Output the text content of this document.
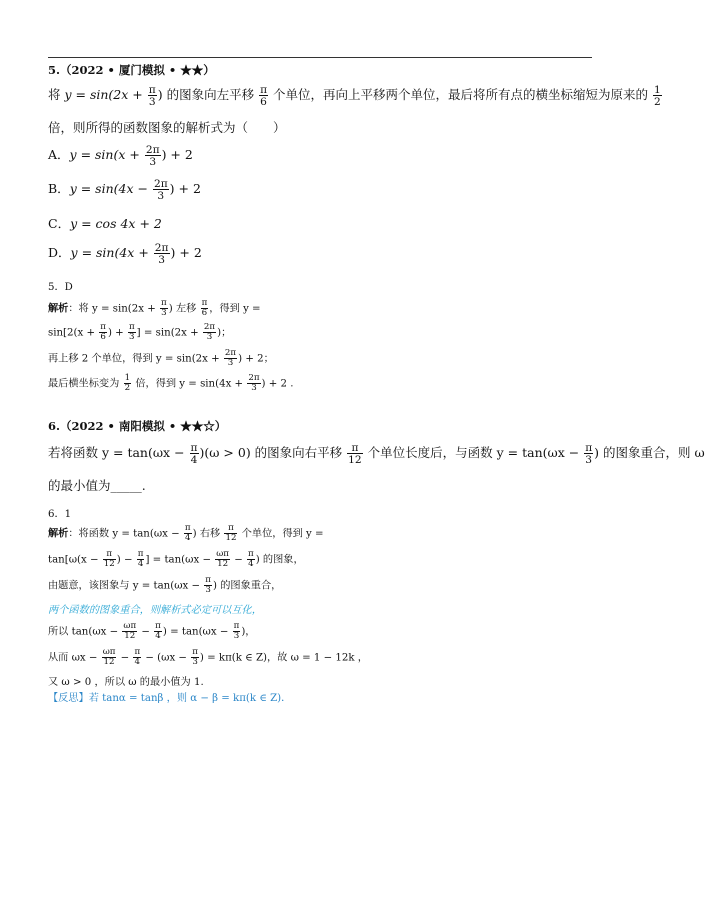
5.（2022 • 厦门模拟 • ★★）
将 $y = \sin(2x + \frac{\pi}{3}$ ) 的图象向左平移 $\frac{\pi}{6}$ 个单位，再向上平移两个单位，最后将所有点的横坐标缩短为原来的 $\frac{1}{2}$
倍，则所得的函数图象的解析式为（　　）
A．$y = \sin(x + \frac{2\pi}{3}$ ) + 2
B．$y = \sin(4x - \frac{2\pi}{3}$ ) + 2
C．y = cos 4x + 2
D．$y = \sin(4x + \frac{2\pi}{3}$ ) + 2
5．D
解析：将 $y = \sin(2x + \frac{\pi}{3}$ ) 左移 $\frac{\pi}{6}$ ，得到 y =
$\sin[2(x + \frac{\pi}{6}$ ) + $\frac{\pi}{3}$ ] = $\sin(2x + \frac{2\pi}{3}$ )；
再上移 2 个单位，得到 $y = \sin(2x + \frac{2\pi}{3}$ ) + 2；
最后横坐标变为 $\frac{1}{2}$ 倍，得到 $y = \sin(4x + \frac{2\pi}{3}$ ) + 2 .
6.（2022 • 南阳模拟 • ★★☆）
若将函数 $y = \tan(\omega x - \frac{\pi}{4} )(\omega > 0)$ 的图象向右平移 $\frac{\pi}{12}$ 个单位长度后，与函数 $y = \tan(\omega x - \frac{\pi}{3}$ ) 的图象重合，则 ω
的最小值为_____.
6．1
解析：将函数 $y = \tan(\omega x - \frac{\pi}{4}$ ) 右移 $\frac{\pi}{12}$ 个单位，得到 y =
$\tan[\omega(x - \frac{\pi}{12}$ ) − $\frac{\pi}{4}$ ] = $\tan(\omega x - \frac{\omega\pi}{12} - \frac{\pi}{4}$ ) 的图象，
由题意，该图象与 $y = \tan(\omega x - \frac{\pi}{3}$ ) 的图象重合，
两个函数的图象重合，则解析式必定可以互化，
所以 $\tan(\omega x - \frac{\omega\pi}{12} - \frac{\pi}{4}$ ) = $\tan(\omega x - \frac{\pi}{3}$ )，
从而 $\omega x - \frac{\omega\pi}{12} - \frac{\pi}{4} - (\omega x - \frac{\pi}{3}$ ) = kπ(k ∈ Z)，故 ω = 1 − 12k ，
又 ω > 0 ，所以 ω 的最小值为 1.
【反思】若 tanα = tanβ ，则 α − β = kπ(k ∈ Z)．
